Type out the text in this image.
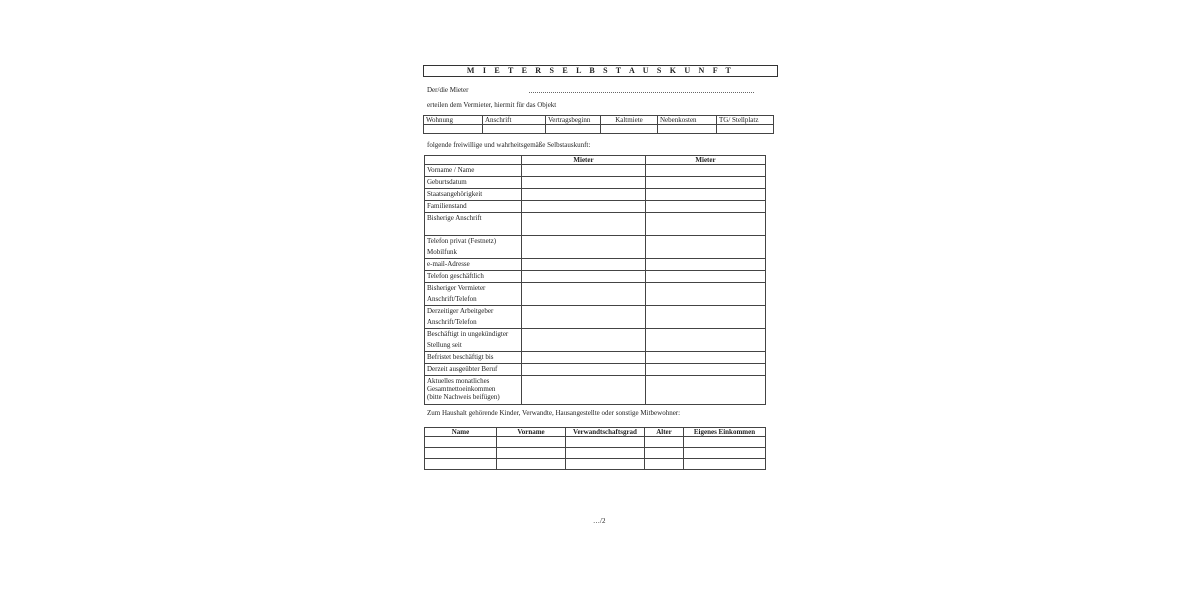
M I E T E R S E L B S T A U S K U N F T
Der/die Mieter
erteilen dem Vermieter, hiermit für das Objekt
Wohnung	Anschrift	Vertragsbeginn	Kaltmiete	Nebenkosten	TG/ Stellplatz

folgende freiwillige und wahrheitsgemäße Selbstauskunft:
	Mieter	Mieter

Vorname / Name		

Geburtsdatum		

Staatsangehörigkeit		

Familienstand		

Bisherige Anschrift		

Telefon privat (Festnetz)
Mobilfunk		

e-mail-Adresse		

Telefon geschäftlich		

Bisheriger Vermieter
Anschrift/Telefon		

Derzeitiger Arbeitgeber
Anschrift/Telefon		

Beschäftigt in ungekündigter
Stellung seit		

Befristet beschäftigt bis		

Derzeit ausgeübter Beruf		

Aktuelles monatliches
Gesamtnettoeinkommen
(bitte Nachweis beifügen)		

Zum Haushalt gehörende Kinder, Verwandte, Hausangestellte oder sonstige Mitbewohner:
Name	Vorname	Verwandtschaftsgrad	Alter	Eigenes Einkommen

…/2
